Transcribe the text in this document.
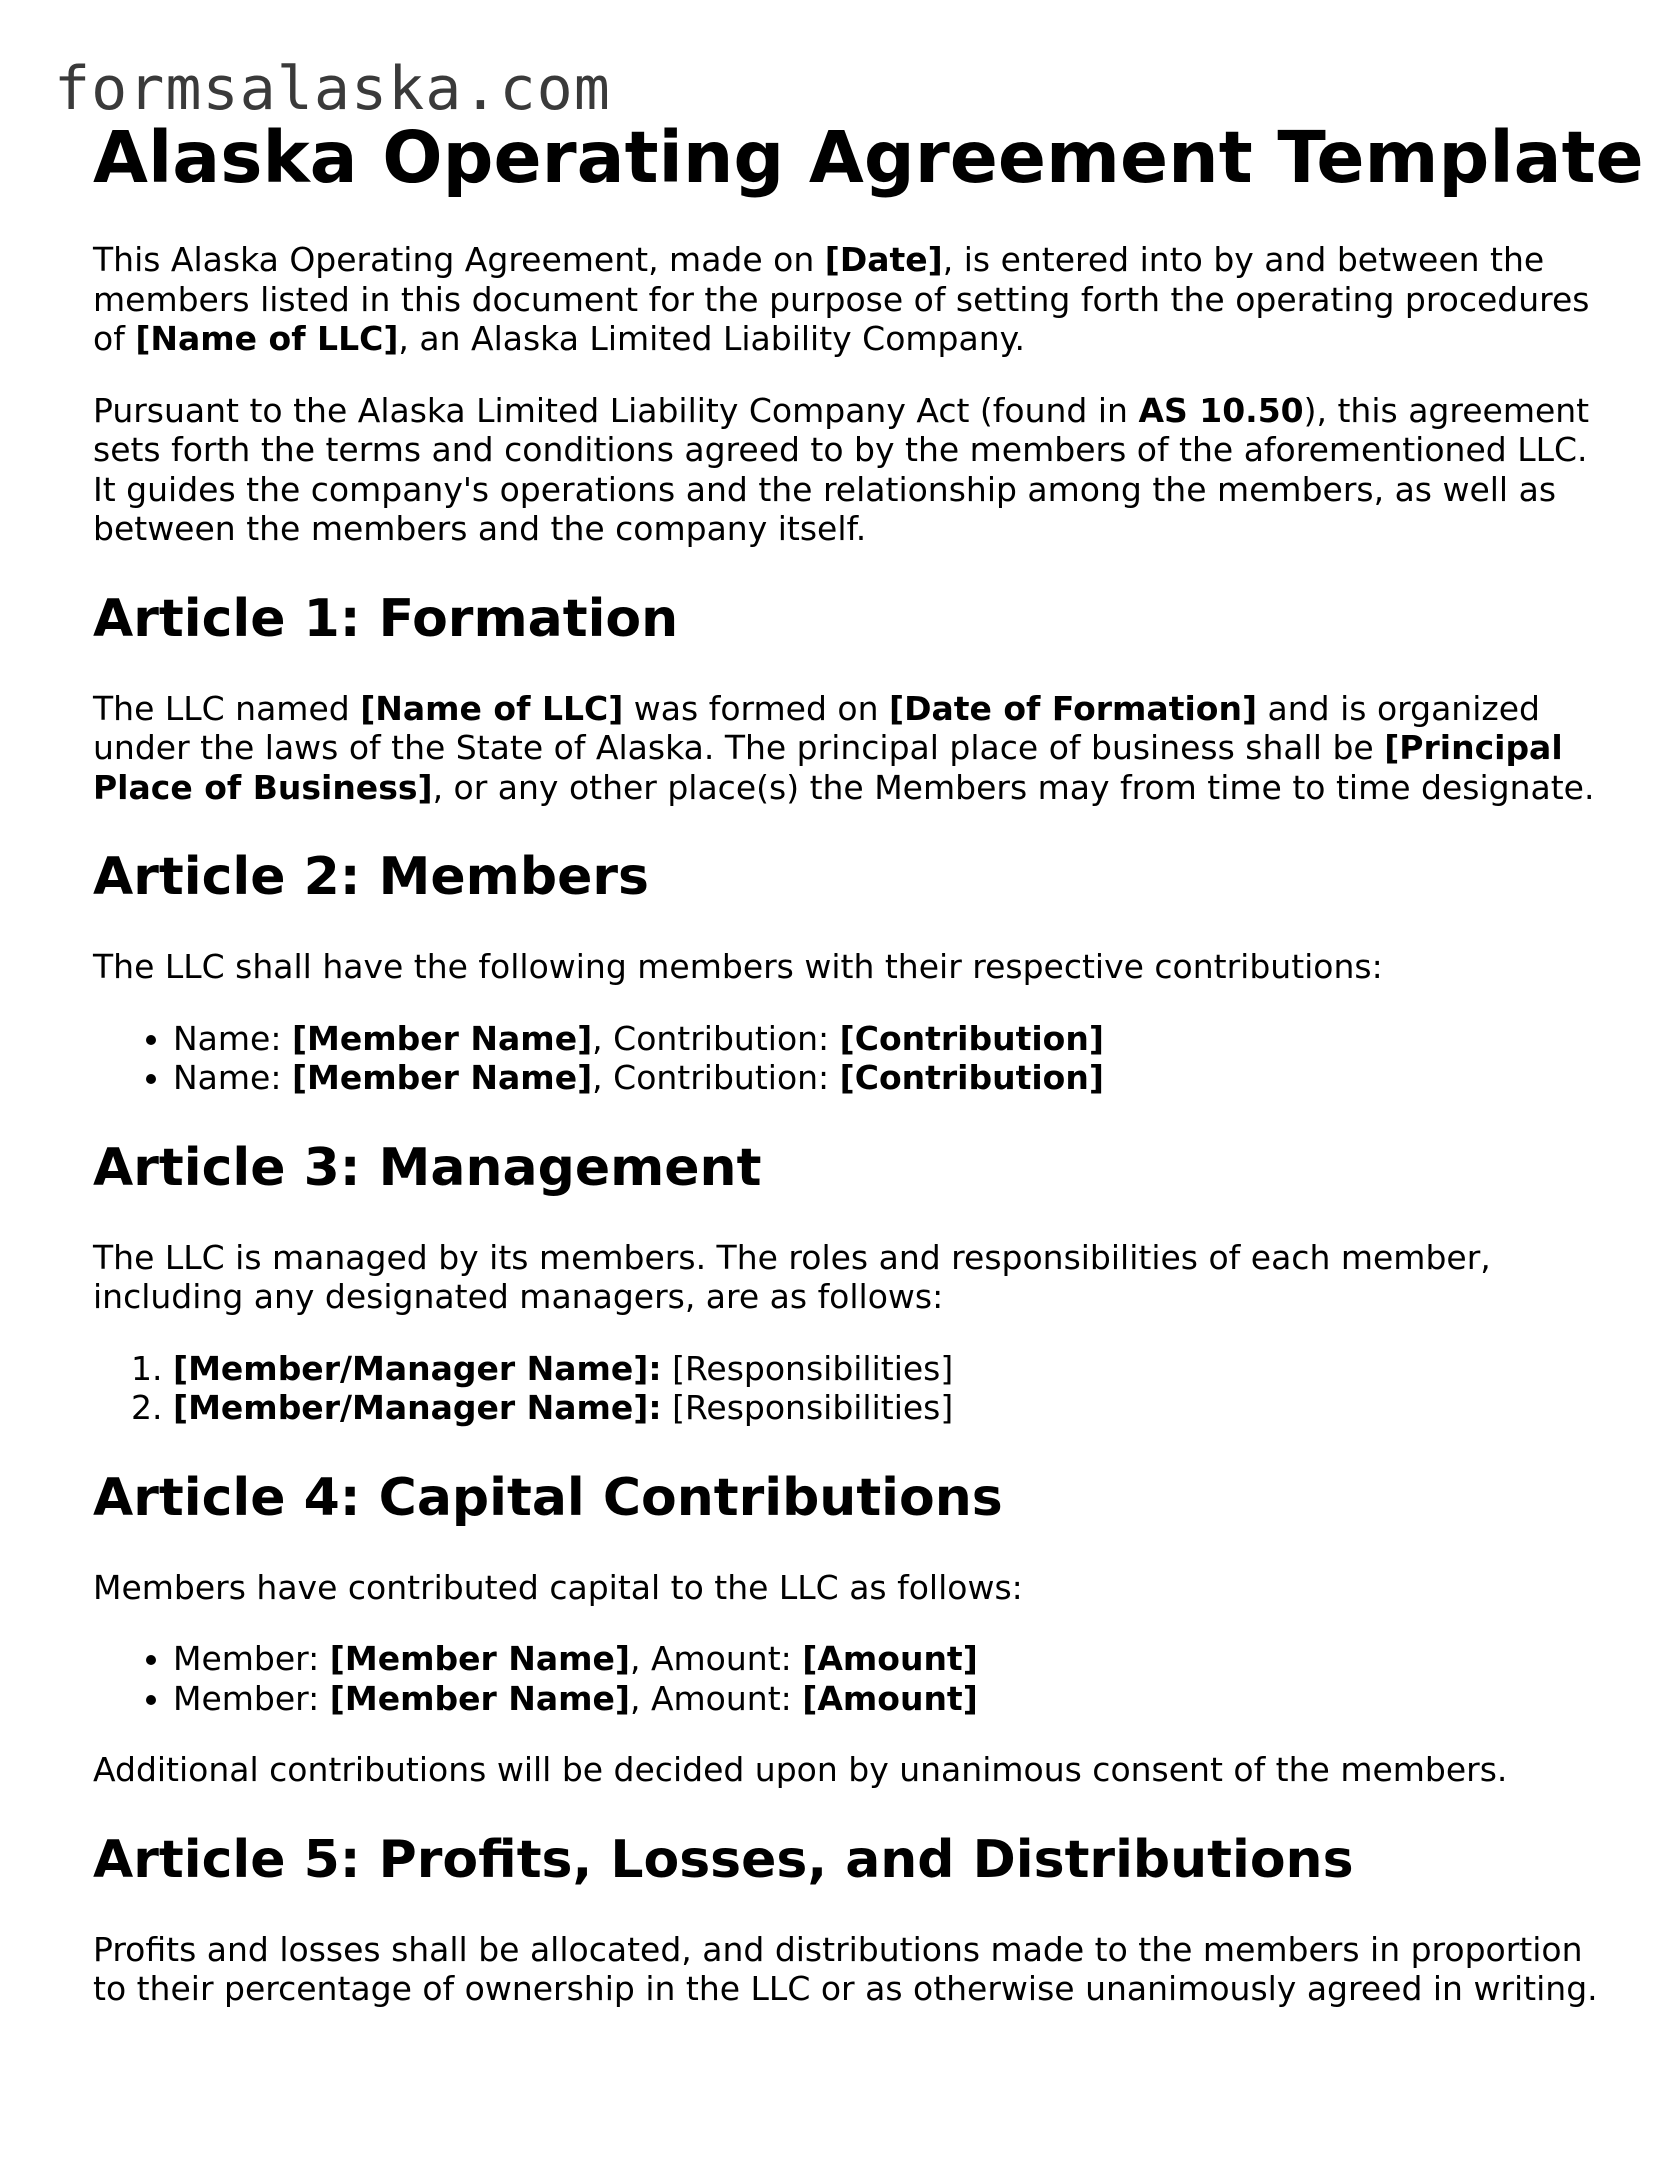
formsalaska.com
Alaska Operating Agreement Template

This Alaska Operating Agreement, made on [Date], is entered into by and between the members listed in this document for the purpose of setting forth the operating procedures of [Name of LLC], an Alaska Limited Liability Company.

Pursuant to the Alaska Limited Liability Company Act (found in AS 10.50), this agreement sets forth the terms and conditions agreed to by the members of the aforementioned LLC. It guides the company's operations and the relationship among the members, as well as between the members and the company itself.

Article 1: Formation

The LLC named [Name of LLC] was formed on [Date of Formation] and is organized under the laws of the State of Alaska. The principal place of business shall be [Principal Place of Business], or any other place(s) the Members may from time to time designate.

Article 2: Members

The LLC shall have the following members with their respective contributions:

• Name: [Member Name], Contribution: [Contribution]
• Name: [Member Name], Contribution: [Contribution]
Article 3: Management

The LLC is managed by its members. The roles and responsibilities of each member, including any designated managers, are as follows:

1. [Member/Manager Name]: [Responsibilities]
2. [Member/Manager Name]: [Responsibilities]
Article 4: Capital Contributions

Members have contributed capital to the LLC as follows:

• Member: [Member Name], Amount: [Amount]
• Member: [Member Name], Amount: [Amount]

Additional contributions will be decided upon by unanimous consent of the members.

Article 5: Profits, Losses, and Distributions

Profits and losses shall be allocated, and distributions made to the members in proportion to their percentage of ownership in the LLC or as otherwise unanimously agreed in writing.
